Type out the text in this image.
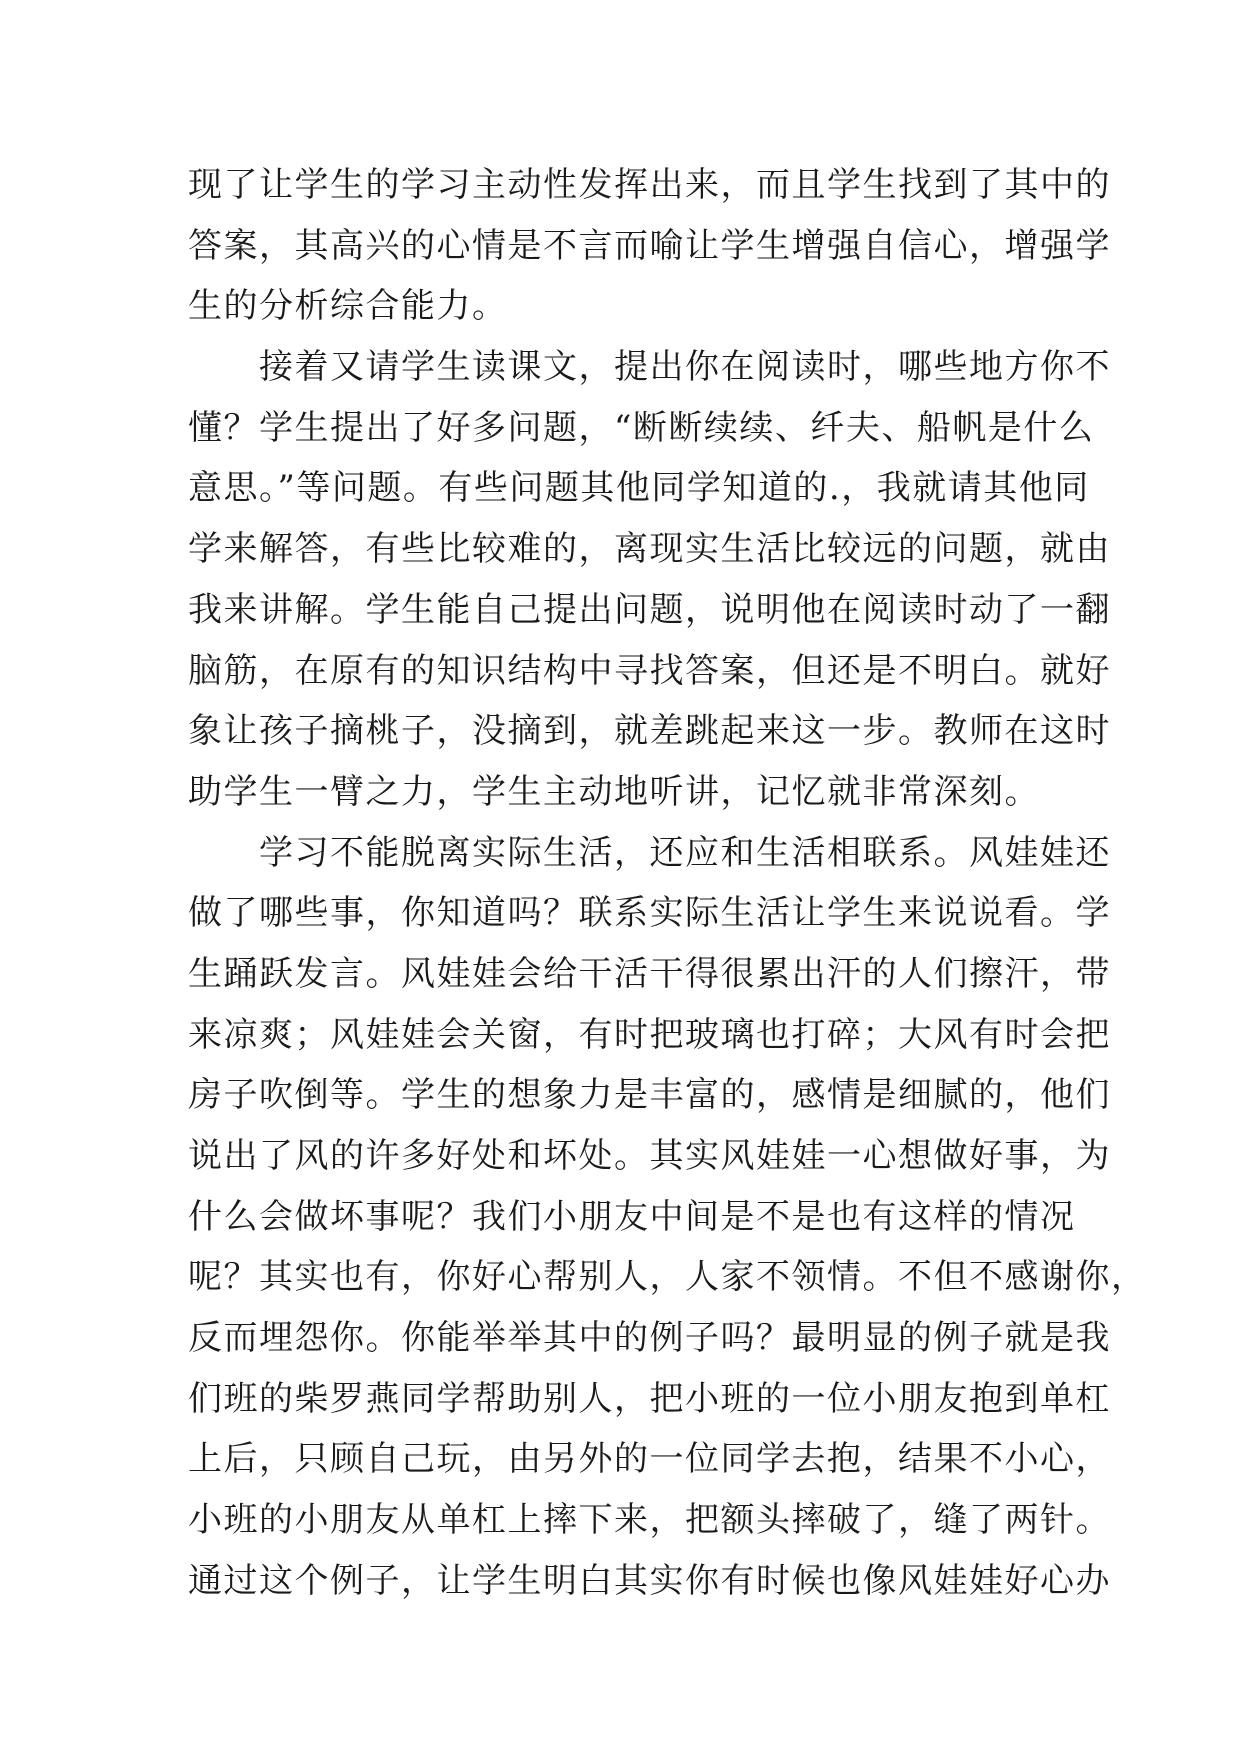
现了让学生的学习主动性发挥出来，而且学生找到了其中的
答案，其高兴的心情是不言而喻让学生增强自信心，增强学
生的分析综合能力。
　　接着又请学生读课文，提出你在阅读时，哪些地方你不
懂？学生提出了好多问题，“断断续续、纤夫、船帆是什么
意思。”等问题。有些问题其他同学知道的.，我就请其他同
学来解答，有些比较难的，离现实生活比较远的问题，就由
我来讲解。学生能自己提出问题，说明他在阅读时动了一翻
脑筋，在原有的知识结构中寻找答案，但还是不明白。就好
象让孩子摘桃子，没摘到，就差跳起来这一步。教师在这时
助学生一臂之力，学生主动地听讲，记忆就非常深刻。
　　学习不能脱离实际生活，还应和生活相联系。风娃娃还
做了哪些事，你知道吗？联系实际生活让学生来说说看。学
生踊跃发言。风娃娃会给干活干得很累出汗的人们擦汗，带
来凉爽；风娃娃会关窗，有时把玻璃也打碎；大风有时会把
房子吹倒等。学生的想象力是丰富的，感情是细腻的，他们
说出了风的许多好处和坏处。其实风娃娃一心想做好事，为
什么会做坏事呢？我们小朋友中间是不是也有这样的情况
呢？其实也有，你好心帮别人，人家不领情。不但不感谢你，
反而埋怨你。你能举举其中的例子吗？最明显的例子就是我
们班的柴罗燕同学帮助别人，把小班的一位小朋友抱到单杠
上后，只顾自己玩，由另外的一位同学去抱，结果不小心，
小班的小朋友从单杠上摔下来，把额头摔破了，缝了两针。
通过这个例子，让学生明白其实你有时候也像风娃娃好心办
